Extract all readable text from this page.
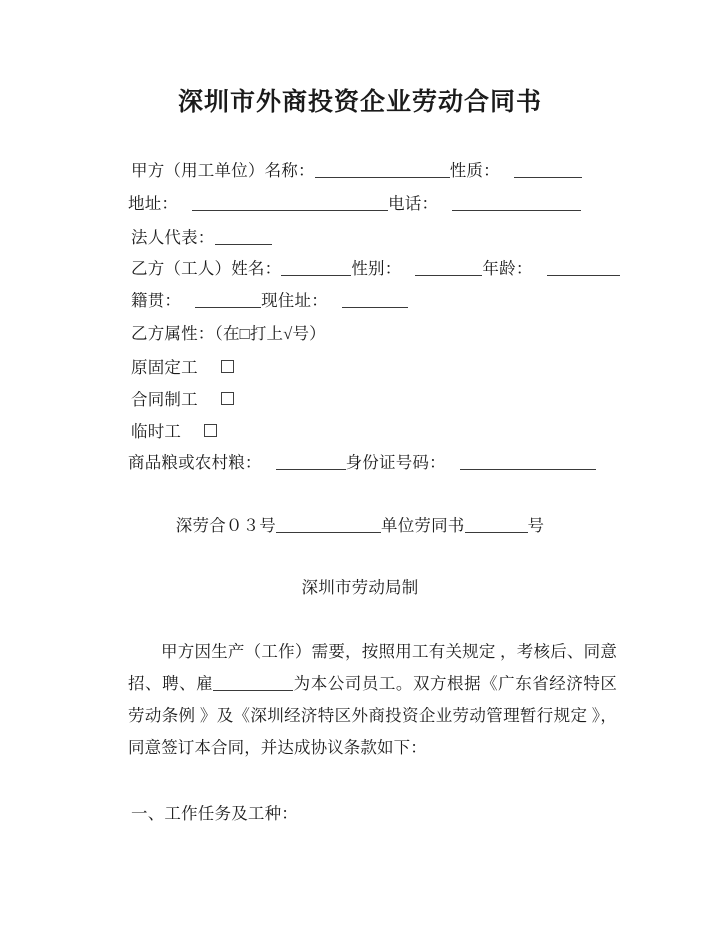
深圳市外商投资企业劳动合同书
甲方（用工单位）名称：	性质：
地址：	电话：
法人代表：
乙方（工人）姓名：	性别：	年龄：
籍贯：	现住址：
乙方属性：（在□打上√号）
原固定工
合同制工
临时工
商品粮或农村粮：	身份证号码：
深劳合０３号	单位劳同书	号
深圳市劳动局制
甲方因生产（工作）需要，按照用工有关规定 ，考核后、同意招、聘、雇	为本公司员工。双方根据《广东省经济特区劳动条例 》及《深圳经济特区外商投资企业劳动管理暂行规定 》，同意签订本合同，并达成协议条款如下：
一、工作任务及工种：
